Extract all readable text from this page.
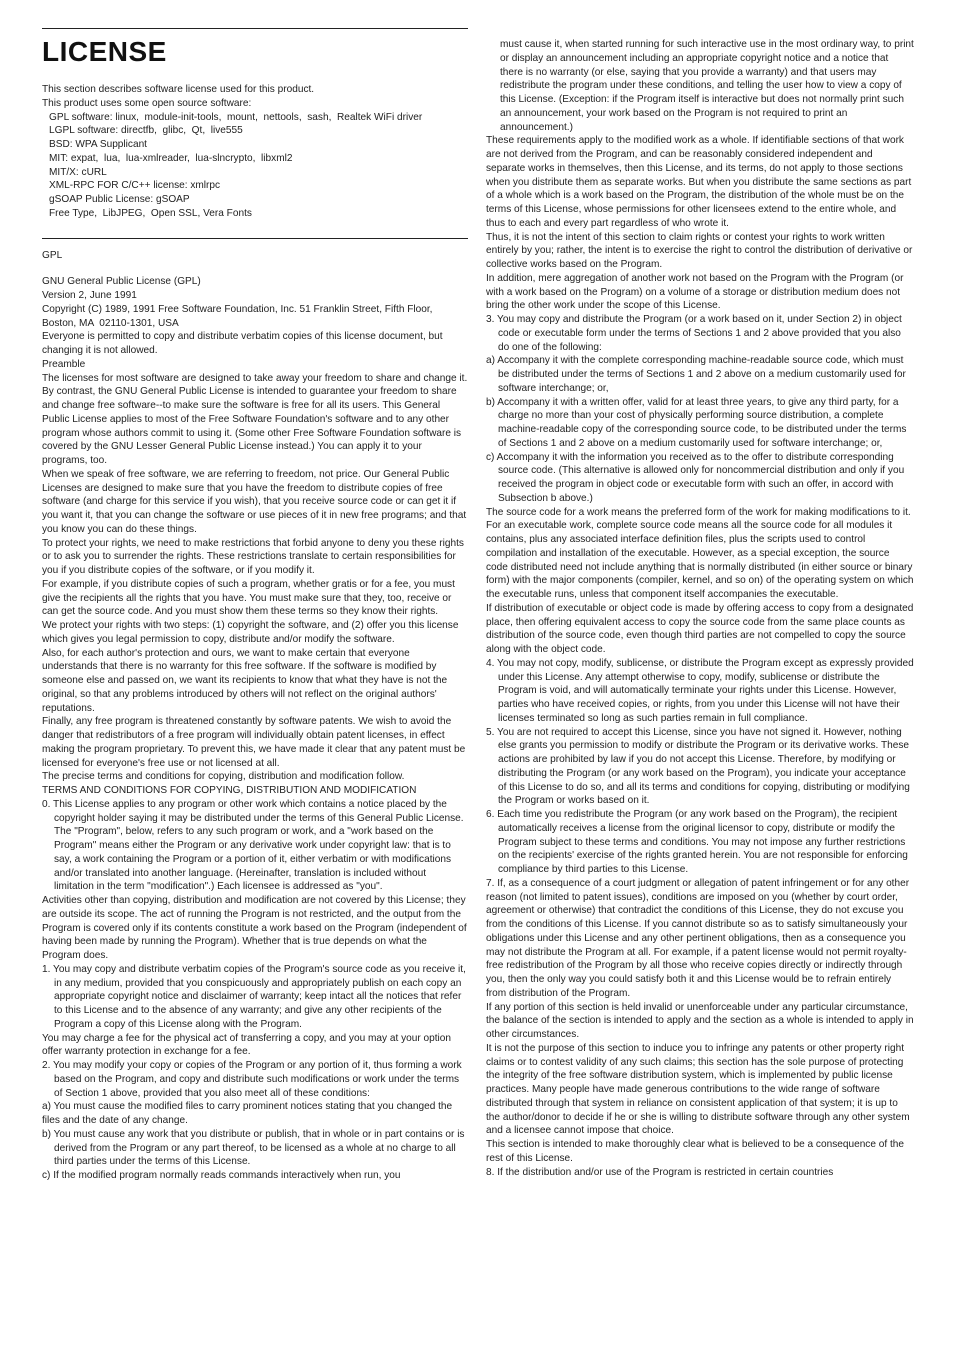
LICENSE

This section describes software license used for this product.

This product uses some open source software:

GPL software: linux,  module-init-tools,  mount,  nettools,  sash,  Realtek WiFi driver

LGPL software: directfb,  glibc,  Qt,  live555

BSD: WPA Supplicant

MIT: expat,  lua,  lua-xmlreader,  lua-slncrypto,  libxml2

MIT/X: cURL

XML-RPC FOR C/C++ license: xmlrpc

gSOAP Public License: gSOAP

Free Type,  LibJPEG,  Open SSL, Vera Fonts

GPL

GNU General Public License (GPL)

Version 2, June 1991

Copyright (C) 1989, 1991 Free Software Foundation, Inc. 51 Franklin Street, Fifth Floor, Boston, MA  02110-1301, USA

Everyone is permitted to copy and distribute verbatim copies of this license document, but changing it is not allowed.

Preamble

The licenses for most software are designed to take away your freedom to share and change it. By contrast, the GNU General Public License is intended to guarantee your freedom to share and change free software--to make sure the software is free for all its users. This General Public License applies to most of the Free Software Foundation's software and to any other program whose authors commit to using it. (Some other Free Software Foundation software is covered by the GNU Lesser General Public License instead.) You can apply it to your programs, too.

When we speak of free software, we are referring to freedom, not price. Our General Public Licenses are designed to make sure that you have the freedom to distribute copies of free software (and charge for this service if you wish), that you receive source code or can get it if you want it, that you can change the software or use pieces of it in new free programs; and that you know you can do these things.

To protect your rights, we need to make restrictions that forbid anyone to deny you these rights or to ask you to surrender the rights. These restrictions translate to certain responsibilities for you if you distribute copies of the software, or if you modify it.

For example, if you distribute copies of such a program, whether gratis or for a fee, you must give the recipients all the rights that you have. You must make sure that they, too, receive or can get the source code. And you must show them these terms so they know their rights.

We protect your rights with two steps: (1) copyright the software, and (2) offer you this license which gives you legal permission to copy, distribute and/or modify the software.

Also, for each author's protection and ours, we want to make certain that everyone understands that there is no warranty for this free software. If the software is modified by someone else and passed on, we want its recipients to know that what they have is not the original, so that any problems introduced by others will not reflect on the original authors' reputations.

Finally, any free program is threatened constantly by software patents. We wish to avoid the danger that redistributors of a free program will individually obtain patent licenses, in effect making the program proprietary. To prevent this, we have made it clear that any patent must be licensed for everyone's free use or not licensed at all.

The precise terms and conditions for copying, distribution and modification follow.

TERMS AND CONDITIONS FOR COPYING, DISTRIBUTION AND MODIFICATION

0. This License applies to any program or other work which contains a notice placed by the copyright holder saying it may be distributed under the terms of this General Public License. The "Program", below, refers to any such program or work, and a "work based on the Program" means either the Program or any derivative work under copyright law: that is to say, a work containing the Program or a portion of it, either verbatim or with modifications and/or translated into another language. (Hereinafter, translation is included without limitation in the term "modification".) Each licensee is addressed as "you".

Activities other than copying, distribution and modification are not covered by this License; they are outside its scope. The act of running the Program is not restricted, and the output from the Program is covered only if its contents constitute a work based on the Program (independent of having been made by running the Program). Whether that is true depends on what the Program does.

1. You may copy and distribute verbatim copies of the Program's source code as you receive it, in any medium, provided that you conspicuously and appropriately publish on each copy an appropriate copyright notice and disclaimer of warranty; keep intact all the notices that refer to this License and to the absence of any warranty; and give any other recipients of the Program a copy of this License along with the Program.

You may charge a fee for the physical act of transferring a copy, and you may at your option offer warranty protection in exchange for a fee.

2. You may modify your copy or copies of the Program or any portion of it, thus forming a work based on the Program, and copy and distribute such modifications or work under the terms of Section 1 above, provided that you also meet all of these conditions:

a) You must cause the modified files to carry prominent notices stating that you changed the files and the date of any change.

b) You must cause any work that you distribute or publish, that in whole or in part contains or is derived from the Program or any part thereof, to be licensed as a whole at no charge to all third parties under the terms of this License.

c) If the modified program normally reads commands interactively when run, you

must cause it, when started running for such interactive use in the most ordinary way, to print or display an announcement including an appropriate copyright notice and a notice that there is no warranty (or else, saying that you provide a warranty) and that users may redistribute the program under these conditions, and telling the user how to view a copy of this License. (Exception: if the Program itself is interactive but does not normally print such an announcement, your work based on the Program is not required to print an announcement.)

These requirements apply to the modified work as a whole. If identifiable sections of that work are not derived from the Program, and can be reasonably considered independent and separate works in themselves, then this License, and its terms, do not apply to those sections when you distribute them as separate works. But when you distribute the same sections as part of a whole which is a work based on the Program, the distribution of the whole must be on the terms of this License, whose permissions for other licensees extend to the entire whole, and thus to each and every part regardless of who wrote it.

Thus, it is not the intent of this section to claim rights or contest your rights to work written entirely by you; rather, the intent is to exercise the right to control the distribution of derivative or collective works based on the Program.

In addition, mere aggregation of another work not based on the Program with the Program (or with a work based on the Program) on a volume of a storage or distribution medium does not bring the other work under the scope of this License.

3. You may copy and distribute the Program (or a work based on it, under Section 2) in object code or executable form under the terms of Sections 1 and 2 above provided that you also do one of the following:

a) Accompany it with the complete corresponding machine-readable source code, which must be distributed under the terms of Sections 1 and 2 above on a medium customarily used for software interchange; or,

b) Accompany it with a written offer, valid for at least three years, to give any third party, for a charge no more than your cost of physically performing source distribution, a complete machine-readable copy of the corresponding source code, to be distributed under the terms of Sections 1 and 2 above on a medium customarily used for software interchange; or,

c) Accompany it with the information you received as to the offer to distribute corresponding source code. (This alternative is allowed only for noncommercial distribution and only if you received the program in object code or executable form with such an offer, in accord with Subsection b above.)

The source code for a work means the preferred form of the work for making modifications to it. For an executable work, complete source code means all the source code for all modules it contains, plus any associated interface definition files, plus the scripts used to control compilation and installation of the executable. However, as a special exception, the source code distributed need not include anything that is normally distributed (in either source or binary form) with the major components (compiler, kernel, and so on) of the operating system on which the executable runs, unless that component itself accompanies the executable.

If distribution of executable or object code is made by offering access to copy from a designated place, then offering equivalent access to copy the source code from the same place counts as distribution of the source code, even though third parties are not compelled to copy the source along with the object code.

4. You may not copy, modify, sublicense, or distribute the Program except as expressly provided under this License. Any attempt otherwise to copy, modify, sublicense or distribute the Program is void, and will automatically terminate your rights under this License. However, parties who have received copies, or rights, from you under this License will not have their licenses terminated so long as such parties remain in full compliance.

5. You are not required to accept this License, since you have not signed it. However, nothing else grants you permission to modify or distribute the Program or its derivative works. These actions are prohibited by law if you do not accept this License. Therefore, by modifying or distributing the Program (or any work based on the Program), you indicate your acceptance of this License to do so, and all its terms and conditions for copying, distributing or modifying the Program or works based on it.

6. Each time you redistribute the Program (or any work based on the Program), the recipient automatically receives a license from the original licensor to copy, distribute or modify the Program subject to these terms and conditions. You may not impose any further restrictions on the recipients' exercise of the rights granted herein. You are not responsible for enforcing compliance by third parties to this License.

7. If, as a consequence of a court judgment or allegation of patent infringement or for any other reason (not limited to patent issues), conditions are imposed on you (whether by court order, agreement or otherwise) that contradict the conditions of this License, they do not excuse you from the conditions of this License. If you cannot distribute so as to satisfy simultaneously your obligations under this License and any other pertinent obligations, then as a consequence you may not distribute the Program at all. For example, if a patent license would not permit royalty-free redistribution of the Program by all those who receive copies directly or indirectly through you, then the only way you could satisfy both it and this License would be to refrain entirely from distribution of the Program.

If any portion of this section is held invalid or unenforceable under any particular circumstance, the balance of the section is intended to apply and the section as a whole is intended to apply in other circumstances.

It is not the purpose of this section to induce you to infringe any patents or other property right claims or to contest validity of any such claims; this section has the sole purpose of protecting the integrity of the free software distribution system, which is implemented by public license practices. Many people have made generous contributions to the wide range of software distributed through that system in reliance on consistent application of that system; it is up to the author/donor to decide if he or she is willing to distribute software through any other system and a licensee cannot impose that choice.

This section is intended to make thoroughly clear what is believed to be a consequence of the rest of this License.

8. If the distribution and/or use of the Program is restricted in certain countries
